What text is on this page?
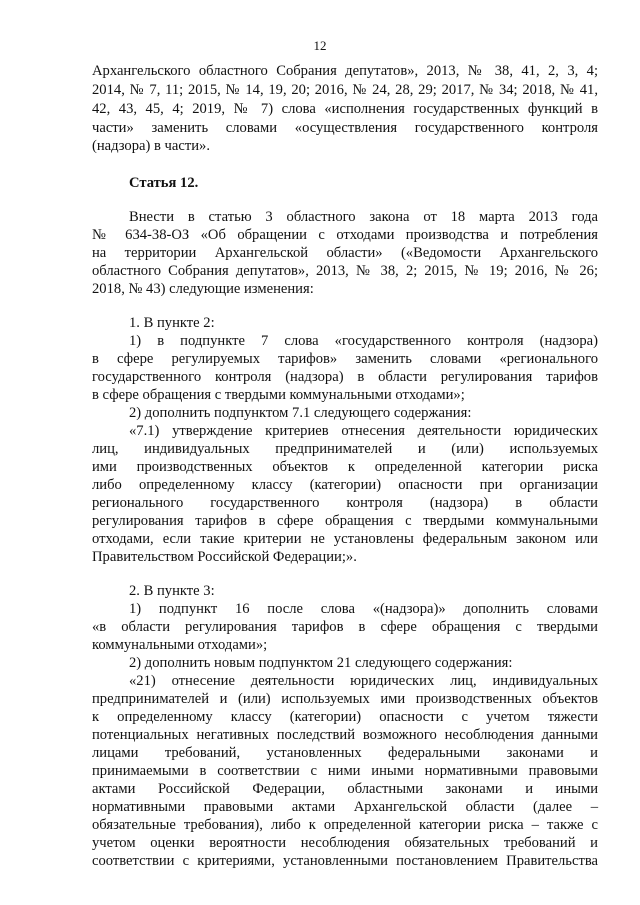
12
Архангельского областного Собрания депутатов», 2013, № 38, 41, 2, 3, 4;
2014, № 7, 11; 2015, № 14, 19, 20; 2016, № 24, 28, 29; 2017, № 34; 2018, № 41,
42, 43, 45, 4; 2019, № 7) слова «исполнения государственных функций в
части» заменить словами «осуществления государственного контроля
(надзора) в части».
Статья 12.
Внести в статью 3 областного закона от 18 марта 2013 года
№ 634-38-ОЗ «Об обращении с отходами производства и потребления
на территории Архангельской области» («Ведомости Архангельского
областного Собрания депутатов», 2013, № 38, 2; 2015, № 19; 2016, № 26;
2018, № 43) следующие изменения:
1. В пункте 2:
1) в подпункте 7 слова «государственного контроля (надзора)
в сфере регулируемых тарифов» заменить словами «регионального
государственного контроля (надзора) в области регулирования тарифов
в сфере обращения с твердыми коммунальными отходами»;
2) дополнить подпунктом 7.1 следующего содержания:
«7.1) утверждение критериев отнесения деятельности юридических
лиц, индивидуальных предпринимателей и (или) используемых
ими производственных объектов к определенной категории риска
либо определенному классу (категории) опасности при организации
регионального государственного контроля (надзора) в области
регулирования тарифов в сфере обращения с твердыми коммунальными
отходами, если такие критерии не установлены федеральным законом или
Правительством Российской Федерации;».
2. В пункте 3:
1) подпункт 16 после слова «(надзора)» дополнить словами
«в области регулирования тарифов в сфере обращения с твердыми
коммунальными отходами»;
2) дополнить новым подпунктом 21 следующего содержания:
«21) отнесение деятельности юридических лиц, индивидуальных
предпринимателей и (или) используемых ими производственных объектов
к определенному классу (категории) опасности с учетом тяжести
потенциальных негативных последствий возможного несоблюдения данными
лицами требований, установленных федеральными законами и
принимаемыми в соответствии с ними иными нормативными правовыми
актами Российской Федерации, областными законами и иными
нормативными правовыми актами Архангельской области (далее –
обязательные требования), либо к определенной категории риска – также с
учетом оценки вероятности несоблюдения обязательных требований и
соответствии с критериями, установленными постановлением Правительства
